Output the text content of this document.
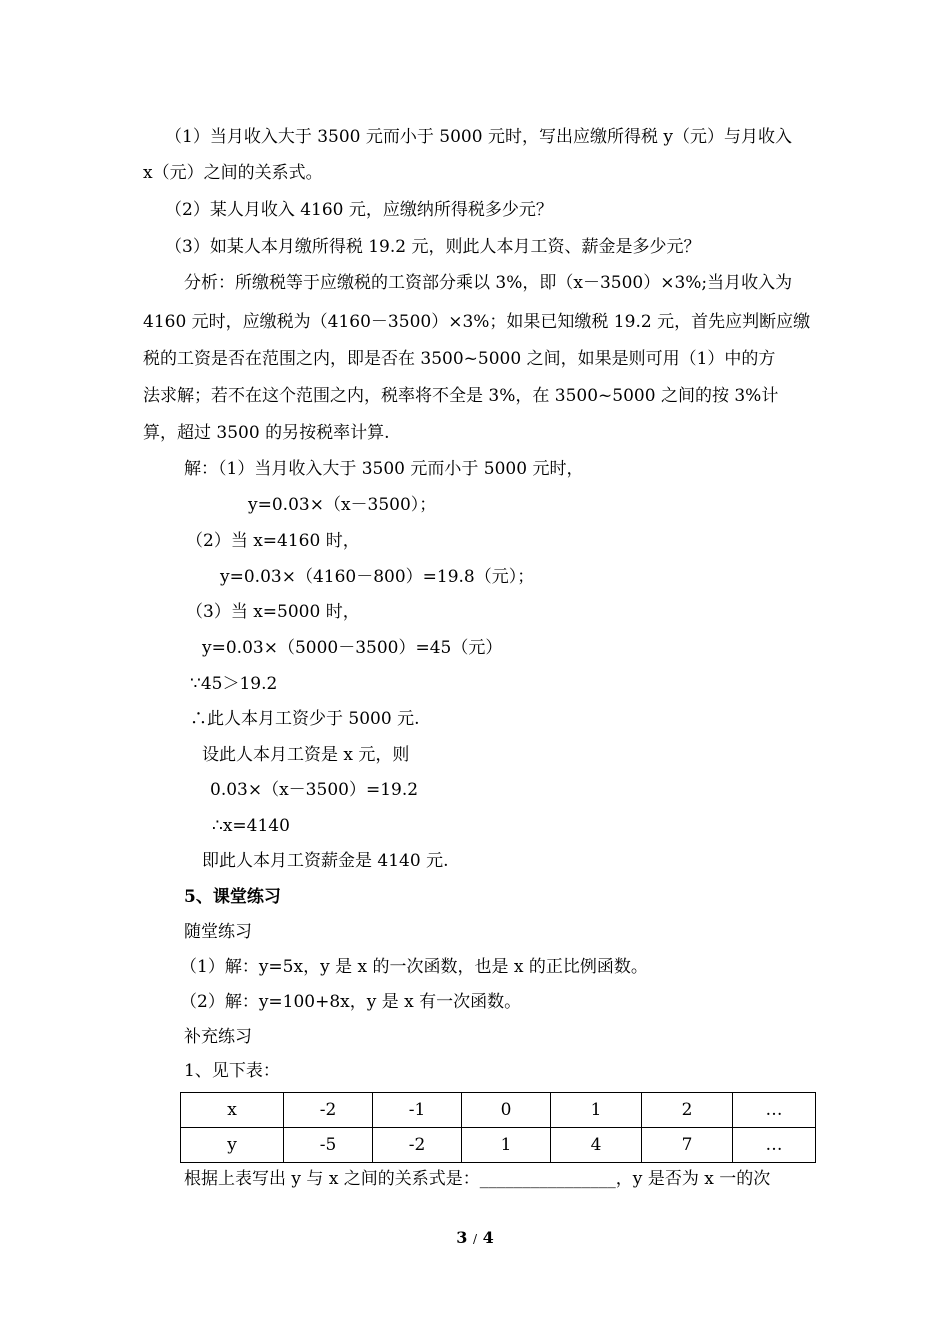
（1）当月收入大于 3500 元而小于 5000 元时，写出应缴所得税 y（元）与月收入
x（元）之间的关系式。
（2）某人月收入 4160 元，应缴纳所得税多少元？
（3）如某人本月缴所得税 19.2 元，则此人本月工资、薪金是多少元？
分析：所缴税等于应缴税的工资部分乘以 3%，即（x－3500）×3%;当月收入为
4160 元时，应缴税为（4160－3500）×3%；如果已知缴税 19.2 元，首先应判断应缴
税的工资是否在范围之内，即是否在 3500~5000 之间，如果是则可用（1）中的方
法求解；若不在这个范围之内，税率将不全是 3%，在 3500~5000 之间的按 3%计
算，超过 3500 的另按税率计算.
解：（1）当月收入大于 3500 元而小于 5000 元时，
y=0.03×（x－3500）；
（2）当 x=4160 时，
y=0.03×（4160－800）=19.8（元）；
（3）当 x=5000 时，
y=0.03×（5000－3500）=45（元）
∵45＞19.2
∴此人本月工资少于 5000 元.
设此人本月工资是 x 元，则
0.03×（x－3500）=19.2
∴x=4140
即此人本月工资薪金是 4140 元.
5、课堂练习
随堂练习
（1）解：y=5x，y 是 x 的一次函数，也是 x 的正比例函数。
（2）解：y=100+8x，y 是 x 有一次函数。
补充练习
1、见下表：
x	-2	-1	0	1	2	…
y	-5	-2	1	4	7	…
根据上表写出 y 与 x 之间的关系式是：________________，y 是否为 x 一的次
3 / 4
